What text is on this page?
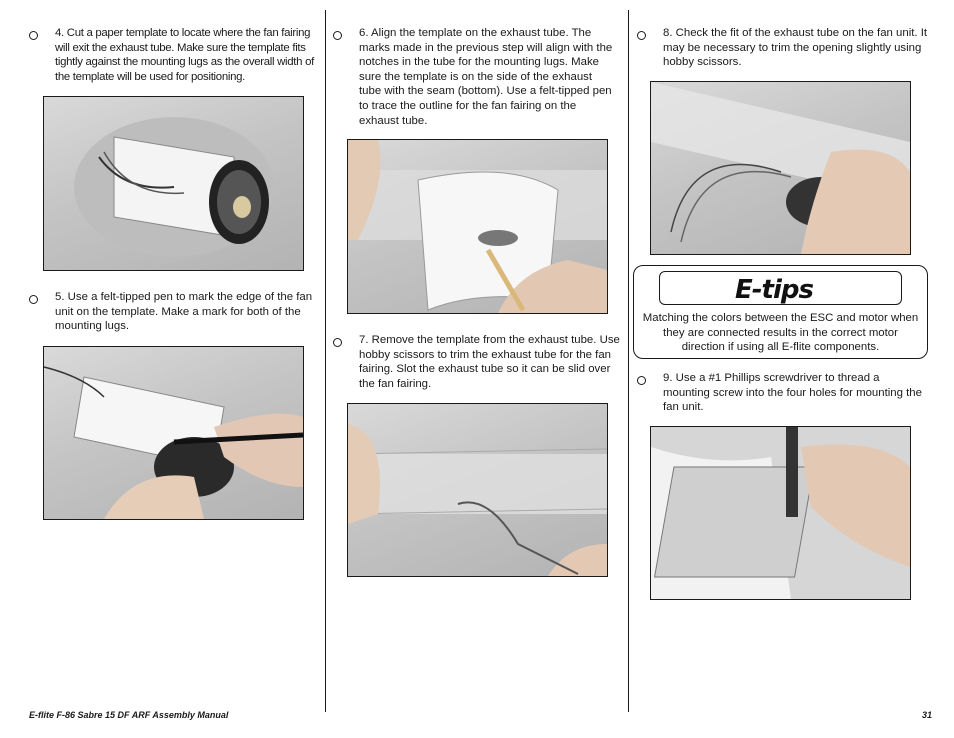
4. Cut a paper template to locate where the fan fairing will exit the exhaust tube. Make sure the template fits tightly against the mounting lugs as the overall width of the template will be used for positioning.
5. Use a felt-tipped pen to mark the edge of the fan unit on the template. Make a mark for both of the mounting lugs.
6. Align the template on the exhaust tube. The marks made in the previous step will align with the notches in the tube for the mounting lugs. Make sure the template is on the side of the exhaust tube with the seam (bottom). Use a felt-tipped pen to trace the outline for the fan fairing on the exhaust tube.
7. Remove the template from the exhaust tube. Use hobby scissors to trim the exhaust tube for the fan fairing. Slot the exhaust tube so it can be slid over the fan fairing.
8. Check the fit of the exhaust tube on the fan unit. It may be necessary to trim the opening slightly using hobby scissors.
E-tips
Matching the colors between the ESC and motor when they are connected results in the correct motor direction if using all E-flite components.
9. Use a #1 Phillips screwdriver to thread a mounting screw into the four holes for mounting the fan unit.
E-flite F-86 Sabre 15 DF ARF Assembly Manual	31
